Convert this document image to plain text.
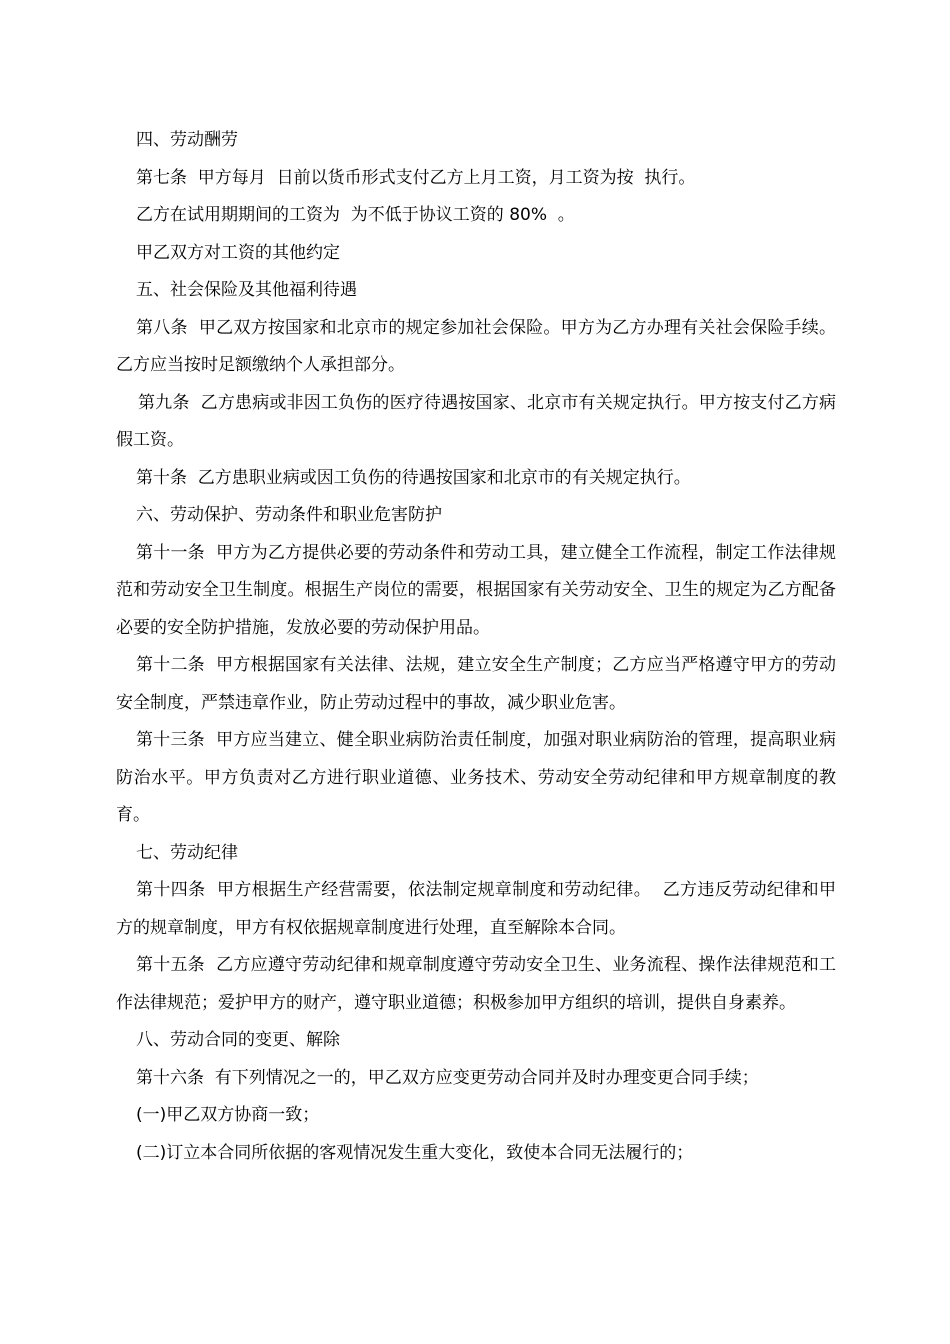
四、劳动酬劳

第七条  甲方每月  日前以货币形式支付乙方上月工资，月工资为按  执行。

乙方在试用期期间的工资为  为不低于协议工资的 80%  。

甲乙双方对工资的其他约定

五、社会保险及其他福利待遇

第八条  甲乙双方按国家和北京市的规定参加社会保险。甲方为乙方办理有关社会保险手续。乙方应当按时足额缴纳个人承担部分。

第九条  乙方患病或非因工负伤的医疗待遇按国家、北京市有关规定执行。甲方按支付乙方病假工资。

第十条  乙方患职业病或因工负伤的待遇按国家和北京市的有关规定执行。

六、劳动保护、劳动条件和职业危害防护

第十一条  甲方为乙方提供必要的劳动条件和劳动工具，建立健全工作流程，制定工作法律规范和劳动安全卫生制度。根据生产岗位的需要，根据国家有关劳动安全、卫生的规定为乙方配备必要的安全防护措施，发放必要的劳动保护用品。

第十二条  甲方根据国家有关法律、法规，建立安全生产制度；乙方应当严格遵守甲方的劳动安全制度，严禁违章作业，防止劳动过程中的事故，减少职业危害。

第十三条  甲方应当建立、健全职业病防治责任制度，加强对职业病防治的管理，提高职业病防治水平。甲方负责对乙方进行职业道德、业务技术、劳动安全劳动纪律和甲方规章制度的教育。

七、劳动纪律

第十四条  甲方根据生产经营需要，依法制定规章制度和劳动纪律。  乙方违反劳动纪律和甲方的规章制度，甲方有权依据规章制度进行处理，直至解除本合同。

第十五条  乙方应遵守劳动纪律和规章制度遵守劳动安全卫生、业务流程、操作法律规范和工作法律规范；爱护甲方的财产，遵守职业道德；积极参加甲方组织的培训，提供自身素养。

八、劳动合同的变更、解除

第十六条  有下列情况之一的，甲乙双方应变更劳动合同并及时办理变更合同手续；

(一)甲乙双方协商一致；

(二)订立本合同所依据的客观情况发生重大变化，致使本合同无法履行的；
